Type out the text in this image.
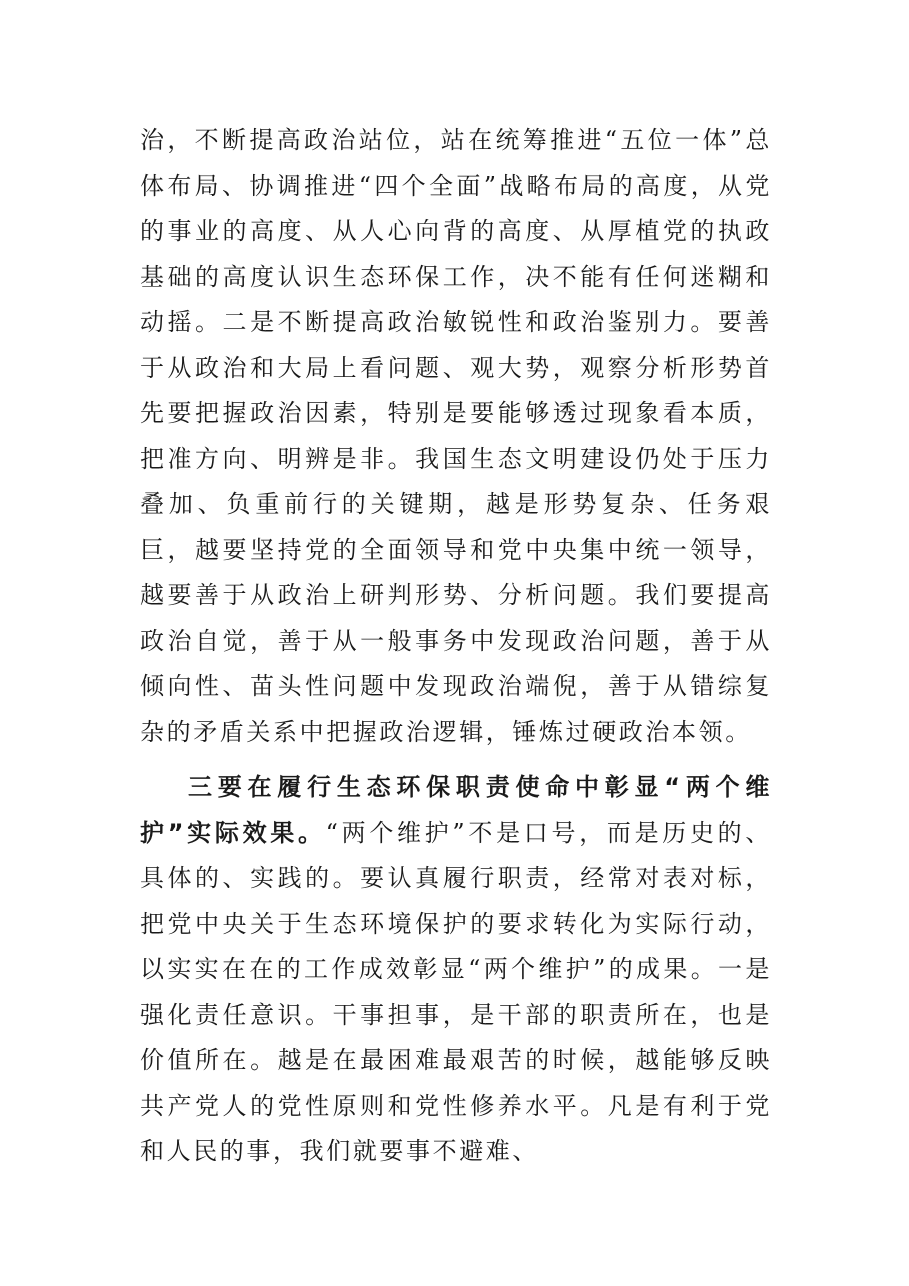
治，不断提高政治站位，站在统筹推进“五位一体”总体布局、协调推进“四个全面”战略布局的高度，从党的事业的高度、从人心向背的高度、从厚植党的执政基础的高度认识生态环保工作，决不能有任何迷糊和动摇。二是不断提高政治敏锐性和政治鉴别力。要善于从政治和大局上看问题、观大势，观察分析形势首先要把握政治因素，特别是要能够透过现象看本质，把准方向、明辨是非。我国生态文明建设仍处于压力叠加、负重前行的关键期，越是形势复杂、任务艰巨，越要坚持党的全面领导和党中央集中统一领导，越要善于从政治上研判形势、分析问题。我们要提高政治自觉，善于从一般事务中发现政治问题，善于从倾向性、苗头性问题中发现政治端倪，善于从错综复杂的矛盾关系中把握政治逻辑，锤炼过硬政治本领。

三要在履行生态环保职责使命中彰显“两个维护”实际效果。“两个维护”不是口号，而是历史的、具体的、实践的。要认真履行职责，经常对表对标，把党中央关于生态环境保护的要求转化为实际行动，以实实在在的工作成效彰显“两个维护”的成果。一是强化责任意识。干事担事，是干部的职责所在，也是价值所在。越是在最困难最艰苦的时候，越能够反映共产党人的党性原则和党性修养水平。凡是有利于党和人民的事，我们就要事不避难、
